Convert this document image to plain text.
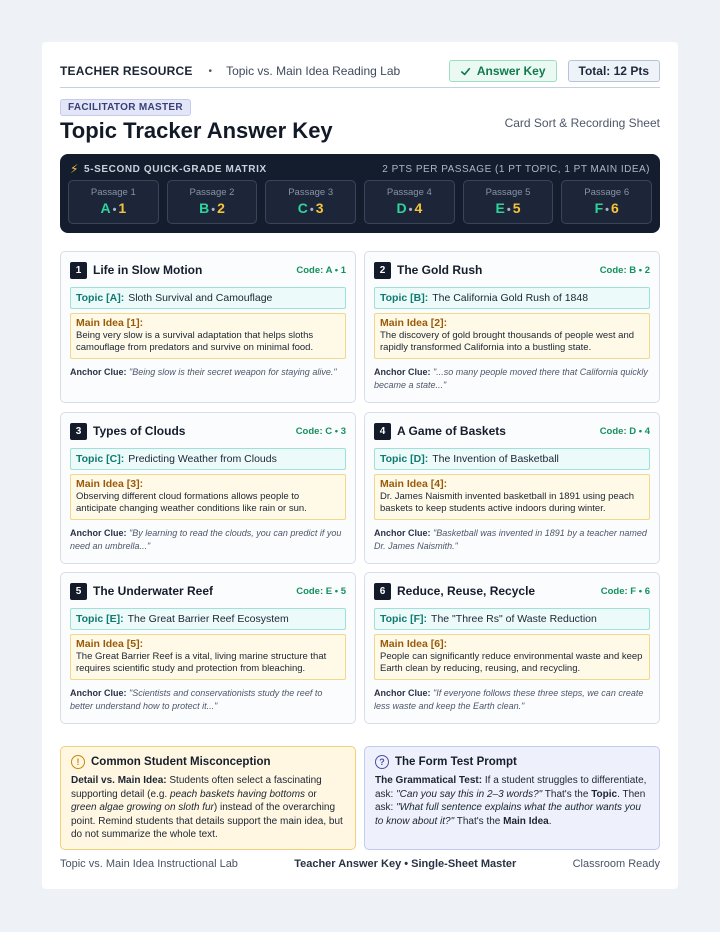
TEACHER RESOURCE • Topic vs. Main Idea Reading Lab	Answer Key	Total: 12 Pts
FACILITATOR MASTER
Topic Tracker Answer Key	Card Sort & Recording Sheet
⚡ 5-SECOND QUICK-GRADE MATRIX	2 PTS PER PASSAGE (1 PT TOPIC, 1 PT MAIN IDEA)
Passage 1
A • 1
Passage 2
B • 2
Passage 3
C • 3
Passage 4
D • 4
Passage 5
E • 5
Passage 6
F • 6
1 Life in Slow Motion	Code: A • 1
Topic [A]: Sloth Survival and Camouflage
Main Idea [1]:
Being very slow is a survival adaptation that helps sloths camouflage from predators and survive on minimal food.
Anchor Clue: "Being slow is their secret weapon for staying alive."
2 The Gold Rush	Code: B • 2
Topic [B]: The California Gold Rush of 1848
Main Idea [2]:
The discovery of gold brought thousands of people west and rapidly transformed California into a bustling state.
Anchor Clue: "...so many people moved there that California quickly became a state..."
3 Types of Clouds	Code: C • 3
Topic [C]: Predicting Weather from Clouds
Main Idea [3]:
Observing different cloud formations allows people to anticipate changing weather conditions like rain or sun.
Anchor Clue: "By learning to read the clouds, you can predict if you need an umbrella..."
4 A Game of Baskets	Code: D • 4
Topic [D]: The Invention of Basketball
Main Idea [4]:
Dr. James Naismith invented basketball in 1891 using peach baskets to keep students active indoors during winter.
Anchor Clue: "Basketball was invented in 1891 by a teacher named Dr. James Naismith."
5 The Underwater Reef	Code: E • 5
Topic [E]: The Great Barrier Reef Ecosystem
Main Idea [5]:
The Great Barrier Reef is a vital, living marine structure that requires scientific study and protection from bleaching.
Anchor Clue: "Scientists and conservationists study the reef to better understand how to protect it..."
6 Reduce, Reuse, Recycle	Code: F • 6
Topic [F]: The "Three Rs" of Waste Reduction
Main Idea [6]:
People can significantly reduce environmental waste and keep Earth clean by reducing, reusing, and recycling.
Anchor Clue: "If everyone follows these three steps, we can create less waste and keep the Earth clean."
!	Common Student Misconception
Detail vs. Main Idea: Students often select a fascinating supporting detail (e.g. peach baskets having bottoms or green algae growing on sloth fur) instead of the overarching point. Remind students that details support the main idea, but do not summarize the whole text.
? The Form Test Prompt
The Grammatical Test: If a student struggles to differentiate, ask: "Can you say this in 2–3 words?" That's the Topic. Then ask: "What full sentence explains what the author wants you to know about it?" That's the Main Idea.
Topic vs. Main Idea Instructional Lab	Teacher Answer Key • Single-Sheet Master	Classroom Ready
